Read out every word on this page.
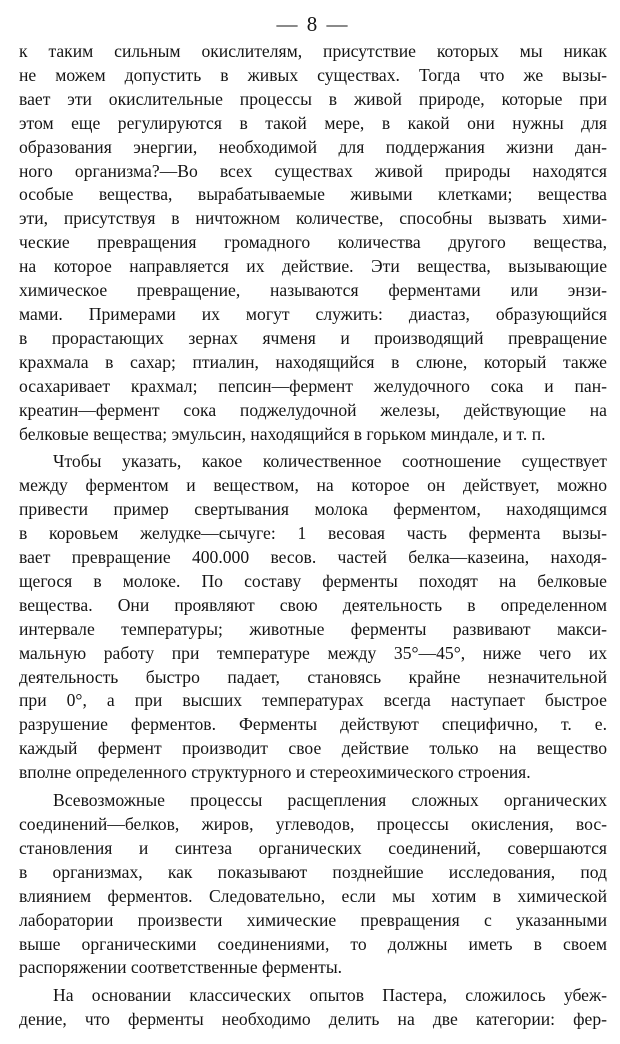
— 8 —
к таким сильным окислителям, присутствие которых мы никак
не можем допустить в живых существах. Тогда что же вызы-
вает эти окислительные процессы в живой природе, которые при
этом еще регулируются в такой мере, в какой они нужны для
образования энергии, необходимой для поддержания жизни дан-
ного организма?—Во всех существах живой природы находятся
особые вещества, вырабатываемые живыми клетками; вещества
эти, присутствуя в ничтожном количестве, способны вызвать хими-
ческие превращения громадного количества другого вещества,
на которое направляется их действие. Эти вещества, вызывающие
химическое превращение, называются ферментами или энзи-
мами. Примерами их могут служить: диастаз, образующийся
в прорастающих зернах ячменя и производящий превращение
крахмала в сахар; птиалин, находящийся в слюне, который также
осахаривает крахмал; пепсин—фермент желудочного сока и пан-
креатин—фермент сока поджелудочной железы, действующие на
белковые вещества; эмульсин, находящийся в горьком миндале, и т. п.
Чтобы указать, какое количественное соотношение существует
между ферментом и веществом, на которое он действует, можно
привести пример свертывания молока ферментом, находящимся
в коровьем желудке—сычуге: 1 весовая часть фермента вызы-
вает превращение 400.000 весов. частей белка—казеина, находя-
щегося в молоке. По составу ферменты походят на белковые
вещества. Они проявляют свою деятельность в определенном
интервале температуры; животные ферменты развивают макси-
мальную работу при температуре между 35°—45°, ниже чего их
деятельность быстро падает, становясь крайне незначительной
при 0°, а при высших температурах всегда наступает быстрое
разрушение ферментов. Ферменты действуют специфично, т. е.
каждый фермент производит свое действие только на вещество
вполне определенного структурного и стереохимического строения.
Всевозможные процессы расщепления сложных органических
соединений—белков, жиров, углеводов, процессы окисления, вос-
становления и синтеза органических соединений, совершаются
в организмах, как показывают позднейшие исследования, под
влиянием ферментов. Следовательно, если мы хотим в химической
лаборатории произвести химические превращения с указанными
выше органическими соединениями, то должны иметь в своем
распоряжении соответственные ферменты.
На основании классических опытов Пастера, сложилось убеж-
дение, что ферменты необходимо делить на две категории: фер-
